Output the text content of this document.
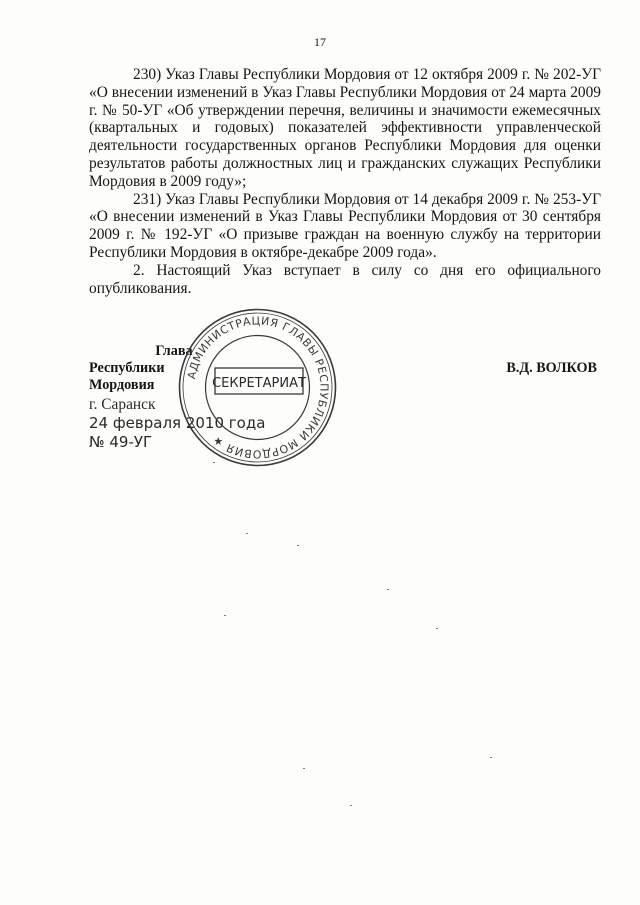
17

230) Указ Главы Республики Мордовия от 12 октября 2009 г. № 202-УГ «О внесении изменений в Указ Главы Республики Мордовия от 24 марта 2009 г. № 50-УГ «Об утверждении перечня, величины и значимости ежемесячных (квартальных и годовых) показателей эффективности управленческой деятельности государственных органов Республики Мордовия для оценки результатов работы должностных лиц и гражданских служащих Республики Мордовия в 2009 году»;

231) Указ Главы Республики Мордовия от 14 декабря 2009 г. № 253-УГ «О внесении изменений в Указ Главы Республики Мордовия от 30 сентября 2009 г. № 192-УГ «О призыве граждан на военную службу на территории Республики Мордовия в октябре-декабре 2009 года».

2. Настоящий Указ вступает в силу со дня его официального опубликования.

Глава
Республики Мордовия
В.Д. ВОЛКОВ
г. Саранск
24 февраля 2010 года
№ 49-УГ
АДМИНИСТРАЦИЯ ГЛАВЫ РЕСПУБЛИКИ МОРДОВИЯ ★
СЕКРЕТАРИАТ
